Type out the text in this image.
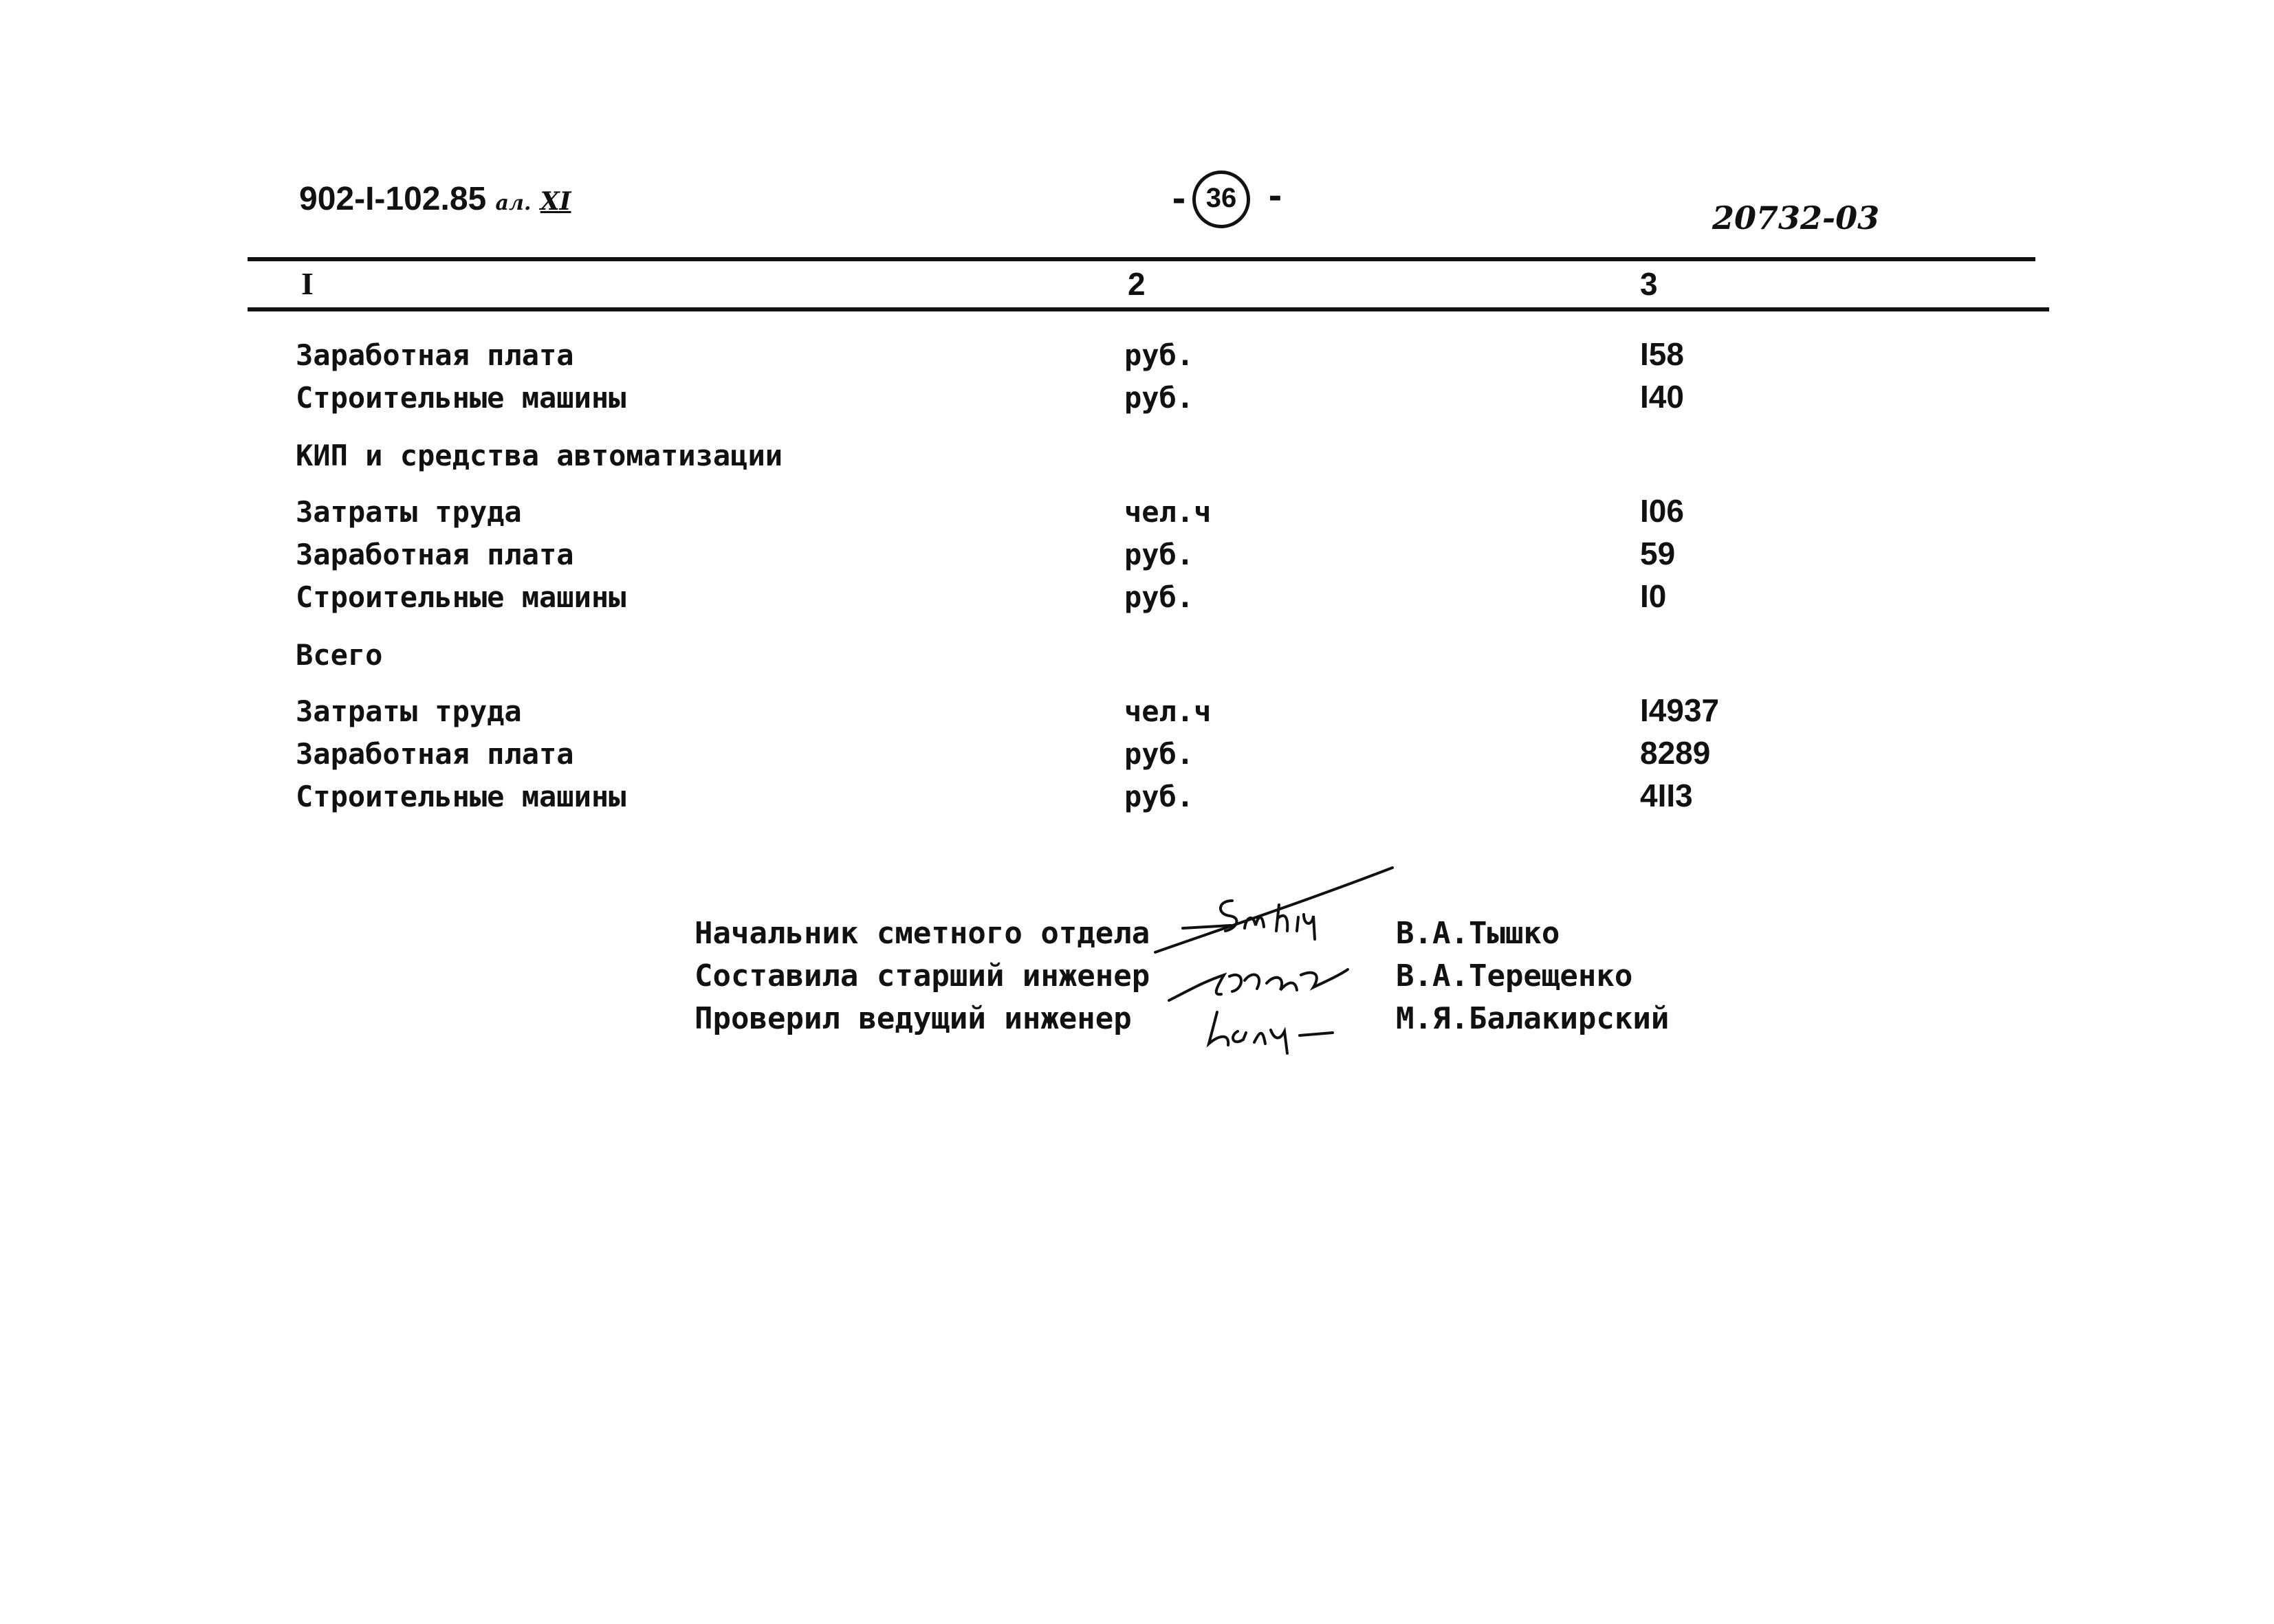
902-I-102.85 ал. XI	- 36 -
20732-03
I	2	3
Заработная плата	руб.	I58
Строительные машины	руб.	I40
КИП и средства автоматизации
Затраты труда	чел.ч	I06
Заработная плата	руб.	59
Строительные машины	руб.	I0
Всего
Затраты труда	чел.ч	I4937
Заработная плата	руб.	8289
Строительные машины	руб.	4II3
Начальник сметного отдела	В.А.Тышко
Составила старший инженер	В.А.Терещенко
Проверил ведущий инженер	М.Я.Балакирский
